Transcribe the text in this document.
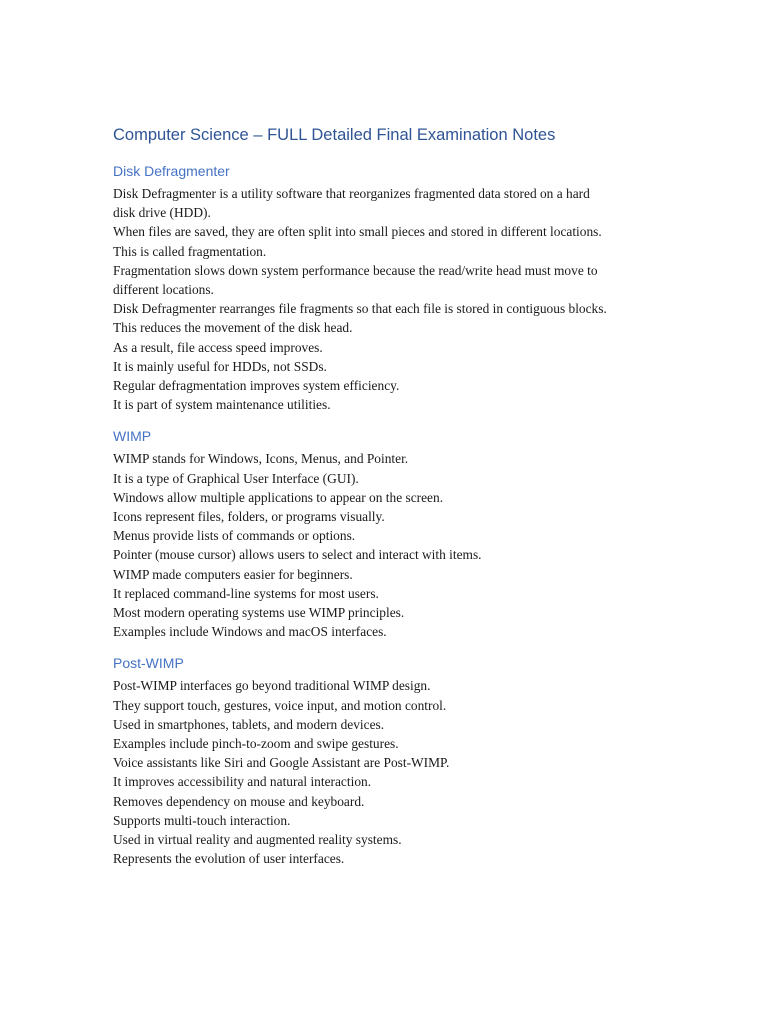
Computer Science – FULL Detailed Final Examination Notes
Disk Defragmenter
Disk Defragmenter is a utility software that reorganizes fragmented data stored on a hard
disk drive (HDD).
When files are saved, they are often split into small pieces and stored in different locations.
This is called fragmentation.
Fragmentation slows down system performance because the read/write head must move to
different locations.
Disk Defragmenter rearranges file fragments so that each file is stored in contiguous blocks.
This reduces the movement of the disk head.
As a result, file access speed improves.
It is mainly useful for HDDs, not SSDs.
Regular defragmentation improves system efficiency.
It is part of system maintenance utilities.
WIMP
WIMP stands for Windows, Icons, Menus, and Pointer.
It is a type of Graphical User Interface (GUI).
Windows allow multiple applications to appear on the screen.
Icons represent files, folders, or programs visually.
Menus provide lists of commands or options.
Pointer (mouse cursor) allows users to select and interact with items.
WIMP made computers easier for beginners.
It replaced command-line systems for most users.
Most modern operating systems use WIMP principles.
Examples include Windows and macOS interfaces.
Post-WIMP
Post-WIMP interfaces go beyond traditional WIMP design.
They support touch, gestures, voice input, and motion control.
Used in smartphones, tablets, and modern devices.
Examples include pinch-to-zoom and swipe gestures.
Voice assistants like Siri and Google Assistant are Post-WIMP.
It improves accessibility and natural interaction.
Removes dependency on mouse and keyboard.
Supports multi-touch interaction.
Used in virtual reality and augmented reality systems.
Represents the evolution of user interfaces.
